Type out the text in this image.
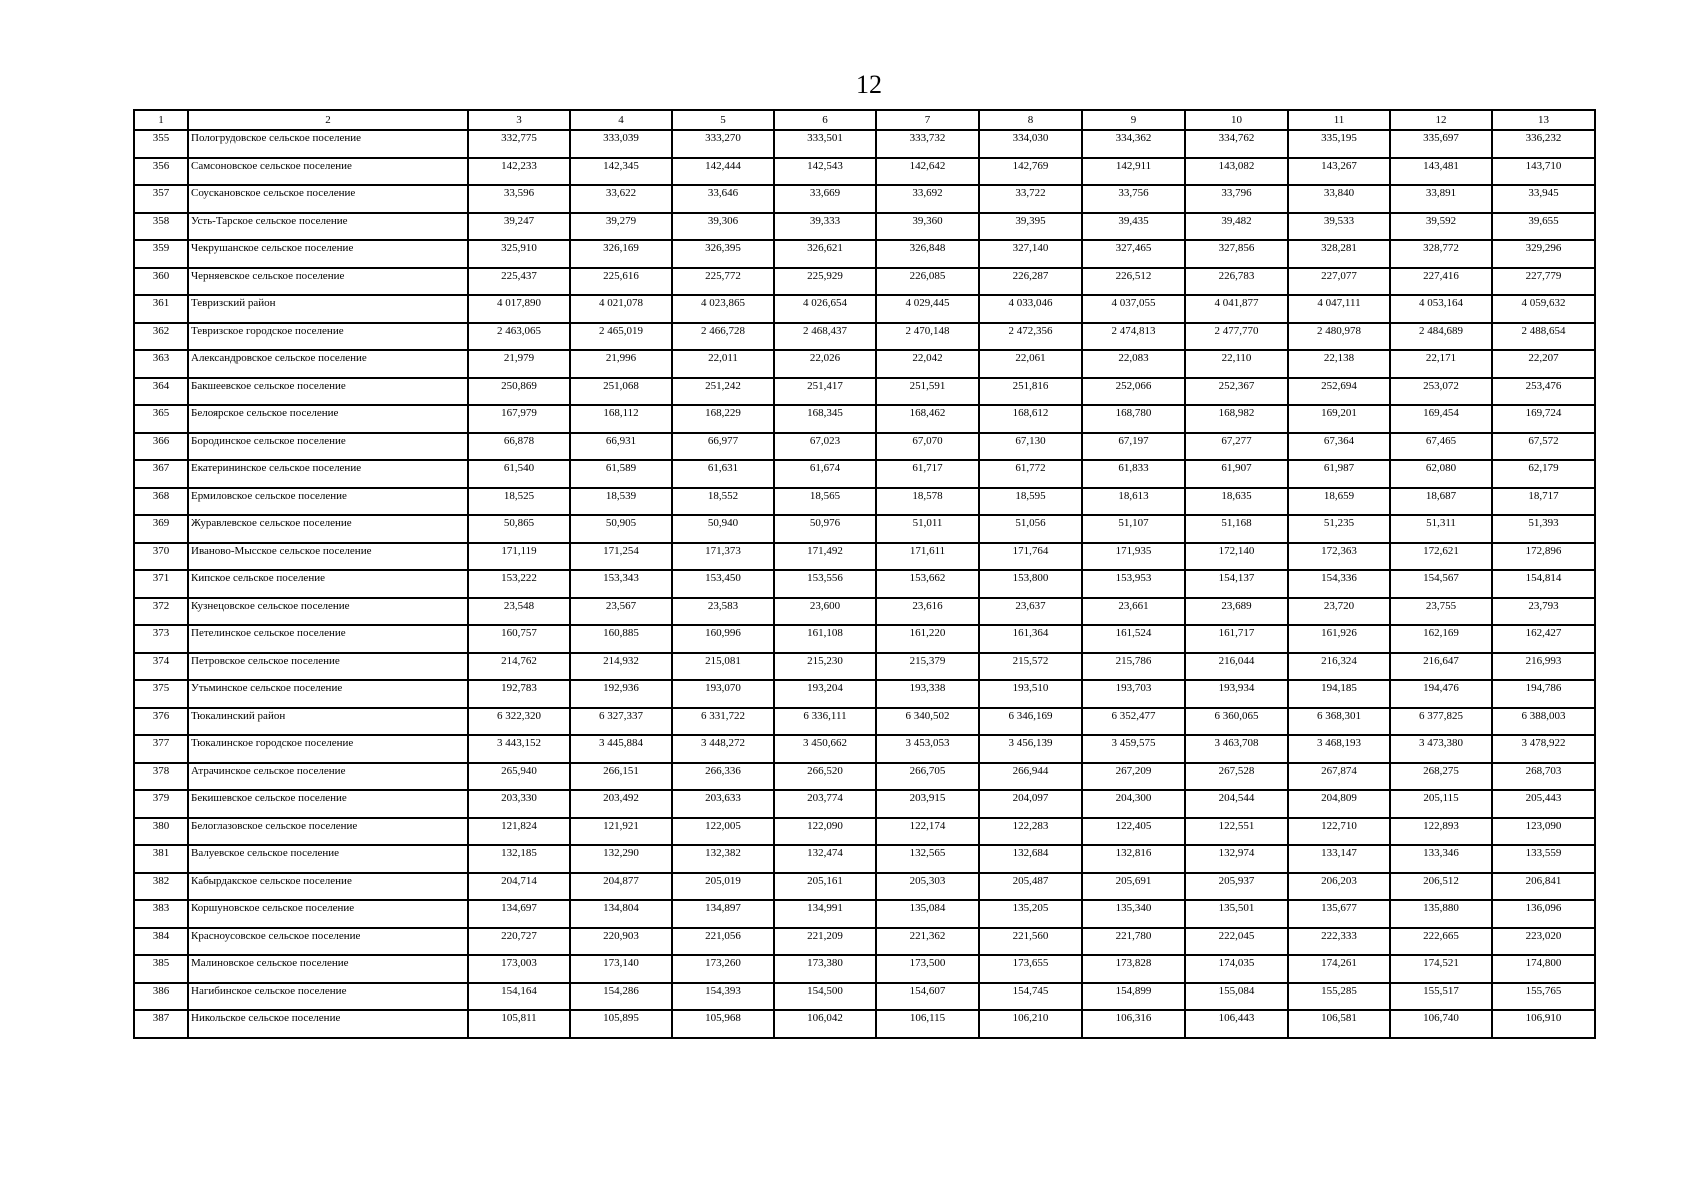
12
1	2	3	4	5	6	7	8	9	10	11	12	13
355	Пологрудовское сельское поселение	332,775	333,039	333,270	333,501	333,732	334,030	334,362	334,762	335,195	335,697	336,232
356	Самсоновское сельское поселение	142,233	142,345	142,444	142,543	142,642	142,769	142,911	143,082	143,267	143,481	143,710
357	Соускановское сельское поселение	33,596	33,622	33,646	33,669	33,692	33,722	33,756	33,796	33,840	33,891	33,945
358	Усть-Тарское сельское поселение	39,247	39,279	39,306	39,333	39,360	39,395	39,435	39,482	39,533	39,592	39,655
359	Чекрушанское сельское поселение	325,910	326,169	326,395	326,621	326,848	327,140	327,465	327,856	328,281	328,772	329,296
360	Черняевское сельское поселение	225,437	225,616	225,772	225,929	226,085	226,287	226,512	226,783	227,077	227,416	227,779
361	Тевризский район	4 017,890	4 021,078	4 023,865	4 026,654	4 029,445	4 033,046	4 037,055	4 041,877	4 047,111	4 053,164	4 059,632
362	Тевризское городское поселение	2 463,065	2 465,019	2 466,728	2 468,437	2 470,148	2 472,356	2 474,813	2 477,770	2 480,978	2 484,689	2 488,654
363	Александровское сельское поселение	21,979	21,996	22,011	22,026	22,042	22,061	22,083	22,110	22,138	22,171	22,207
364	Бакшеевское сельское поселение	250,869	251,068	251,242	251,417	251,591	251,816	252,066	252,367	252,694	253,072	253,476
365	Белоярское сельское поселение	167,979	168,112	168,229	168,345	168,462	168,612	168,780	168,982	169,201	169,454	169,724
366	Бородинское сельское поселение	66,878	66,931	66,977	67,023	67,070	67,130	67,197	67,277	67,364	67,465	67,572
367	Екатерининское сельское поселение	61,540	61,589	61,631	61,674	61,717	61,772	61,833	61,907	61,987	62,080	62,179
368	Ермиловское сельское поселение	18,525	18,539	18,552	18,565	18,578	18,595	18,613	18,635	18,659	18,687	18,717
369	Журавлевское сельское поселение	50,865	50,905	50,940	50,976	51,011	51,056	51,107	51,168	51,235	51,311	51,393
370	Иваново-Мысское сельское поселение	171,119	171,254	171,373	171,492	171,611	171,764	171,935	172,140	172,363	172,621	172,896
371	Кипское сельское поселение	153,222	153,343	153,450	153,556	153,662	153,800	153,953	154,137	154,336	154,567	154,814
372	Кузнецовское сельское поселение	23,548	23,567	23,583	23,600	23,616	23,637	23,661	23,689	23,720	23,755	23,793
373	Петелинское сельское поселение	160,757	160,885	160,996	161,108	161,220	161,364	161,524	161,717	161,926	162,169	162,427
374	Петровское сельское поселение	214,762	214,932	215,081	215,230	215,379	215,572	215,786	216,044	216,324	216,647	216,993
375	Утьминское сельское поселение	192,783	192,936	193,070	193,204	193,338	193,510	193,703	193,934	194,185	194,476	194,786
376	Тюкалинский район	6 322,320	6 327,337	6 331,722	6 336,111	6 340,502	6 346,169	6 352,477	6 360,065	6 368,301	6 377,825	6 388,003
377	Тюкалинское городское поселение	3 443,152	3 445,884	3 448,272	3 450,662	3 453,053	3 456,139	3 459,575	3 463,708	3 468,193	3 473,380	3 478,922
378	Атрачинское сельское поселение	265,940	266,151	266,336	266,520	266,705	266,944	267,209	267,528	267,874	268,275	268,703
379	Бекишевское сельское поселение	203,330	203,492	203,633	203,774	203,915	204,097	204,300	204,544	204,809	205,115	205,443
380	Белоглазовское сельское поселение	121,824	121,921	122,005	122,090	122,174	122,283	122,405	122,551	122,710	122,893	123,090
381	Валуевское сельское поселение	132,185	132,290	132,382	132,474	132,565	132,684	132,816	132,974	133,147	133,346	133,559
382	Кабырдакское сельское поселение	204,714	204,877	205,019	205,161	205,303	205,487	205,691	205,937	206,203	206,512	206,841
383	Коршуновское сельское поселение	134,697	134,804	134,897	134,991	135,084	135,205	135,340	135,501	135,677	135,880	136,096
384	Красноусовское сельское поселение	220,727	220,903	221,056	221,209	221,362	221,560	221,780	222,045	222,333	222,665	223,020
385	Малиновское сельское поселение	173,003	173,140	173,260	173,380	173,500	173,655	173,828	174,035	174,261	174,521	174,800
386	Нагибинское сельское поселение	154,164	154,286	154,393	154,500	154,607	154,745	154,899	155,084	155,285	155,517	155,765
387	Никольское сельское поселение	105,811	105,895	105,968	106,042	106,115	106,210	106,316	106,443	106,581	106,740	106,910
